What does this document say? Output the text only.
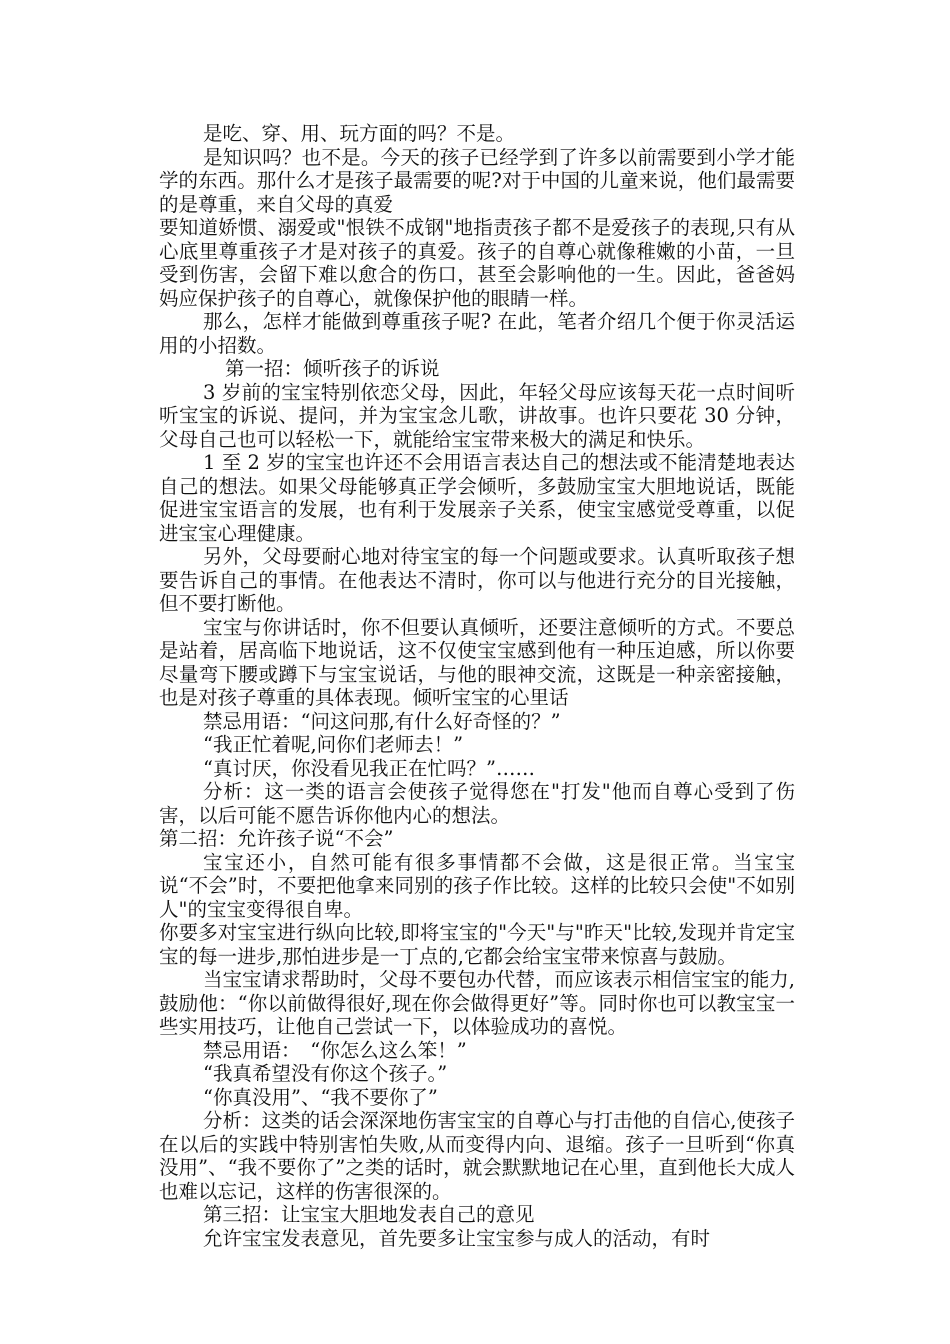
是吃、穿、用、玩方面的吗？不是。

是知识吗？也不是。今天的孩子已经学到了许多以前需要到小学才能学的东西。那什么才是孩子最需要的呢?对于中国的儿童来说，他们最需要的是尊重，来自父母的真爱

要知道娇惯、溺爱或"恨铁不成钢"地指责孩子都不是爱孩子的表现,只有从心底里尊重孩子才是对孩子的真爱。孩子的自尊心就像稚嫩的小苗，一旦受到伤害，会留下难以愈合的伤口，甚至会影响他的一生。因此，爸爸妈妈应保护孩子的自尊心，就像保护他的眼睛一样。

那么，怎样才能做到尊重孩子呢? 在此，笔者介绍几个便于你灵活运用的小招数。

第一招：倾听孩子的诉说

3 岁前的宝宝特别依恋父母，因此，年轻父母应该每天花一点时间听听宝宝的诉说、提问，并为宝宝念儿歌，讲故事。也许只要花 30 分钟，父母自己也可以轻松一下，就能给宝宝带来极大的满足和快乐。

1 至 2 岁的宝宝也许还不会用语言表达自己的想法或不能清楚地表达自己的想法。如果父母能够真正学会倾听，多鼓励宝宝大胆地说话，既能促进宝宝语言的发展，也有利于发展亲子关系，使宝宝感觉受尊重，以促进宝宝心理健康。

另外，父母要耐心地对待宝宝的每一个问题或要求。认真听取孩子想要告诉自己的事情。在他表达不清时，你可以与他进行充分的目光接触，但不要打断他。

宝宝与你讲话时，你不但要认真倾听，还要注意倾听的方式。不要总是站着，居高临下地说话，这不仅使宝宝感到他有一种压迫感，所以你要尽量弯下腰或蹲下与宝宝说话，与他的眼神交流，这既是一种亲密接触，也是对孩子尊重的具体表现。倾听宝宝的心里话

禁忌用语：“问这问那,有什么好奇怪的？”

“我正忙着呢,问你们老师去！”

“真讨厌，你没看见我正在忙吗？”……

分析：这一类的语言会使孩子觉得您在"打发"他而自尊心受到了伤害，以后可能不愿告诉你他内心的想法。

第二招：允许孩子说“不会”

宝宝还小，自然可能有很多事情都不会做，这是很正常。当宝宝说“不会”时，不要把他拿来同别的孩子作比较。这样的比较只会使"不如别人"的宝宝变得很自卑。

你要多对宝宝进行纵向比较,即将宝宝的"今天"与"昨天"比较,发现并肯定宝宝的每一进步,那怕进步是一丁点的,它都会给宝宝带来惊喜与鼓励。

当宝宝请求帮助时，父母不要包办代替，而应该表示相信宝宝的能力,鼓励他：“你以前做得很好,现在你会做得更好”等。同时你也可以教宝宝一些实用技巧，让他自己尝试一下，以体验成功的喜悦。

禁忌用语：　“你怎么这么笨！”

“我真希望没有你这个孩子。”

“你真没用”、“我不要你了”

分析：这类的话会深深地伤害宝宝的自尊心与打击他的自信心,使孩子在以后的实践中特别害怕失败,从而变得内向、退缩。孩子一旦听到“你真没用”、“我不要你了”之类的话时，就会默默地记在心里，直到他长大成人也难以忘记，这样的伤害很深的。

第三招：让宝宝大胆地发表自己的意见

允许宝宝发表意见，首先要多让宝宝参与成人的活动，有时
